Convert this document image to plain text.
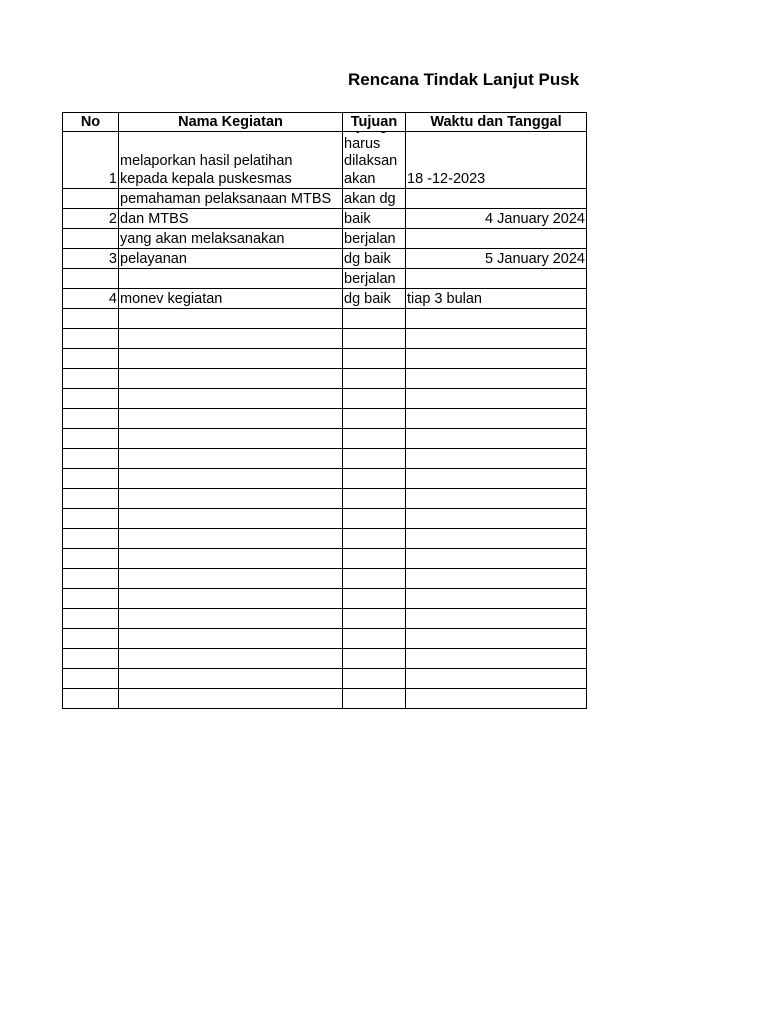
Rencana Tindak Lanjut Pusk
No	Nama Kegiatan	Tujuan	Waktu dan Tanggal
1	melaporkan hasil pelatihan kepada kepala puskesmas	harus dilaksan akan	18 -12-2023
	pemahaman pelaksanaan MTBS	akan dg	
2	dan MTBS	baik	4 January 2024
	yang akan melaksanakan	berjalan	
3	pelayanan	dg baik	5 January 2024
		berjalan	
4	monev kegiatan	dg baik	tiap 3 bulan
